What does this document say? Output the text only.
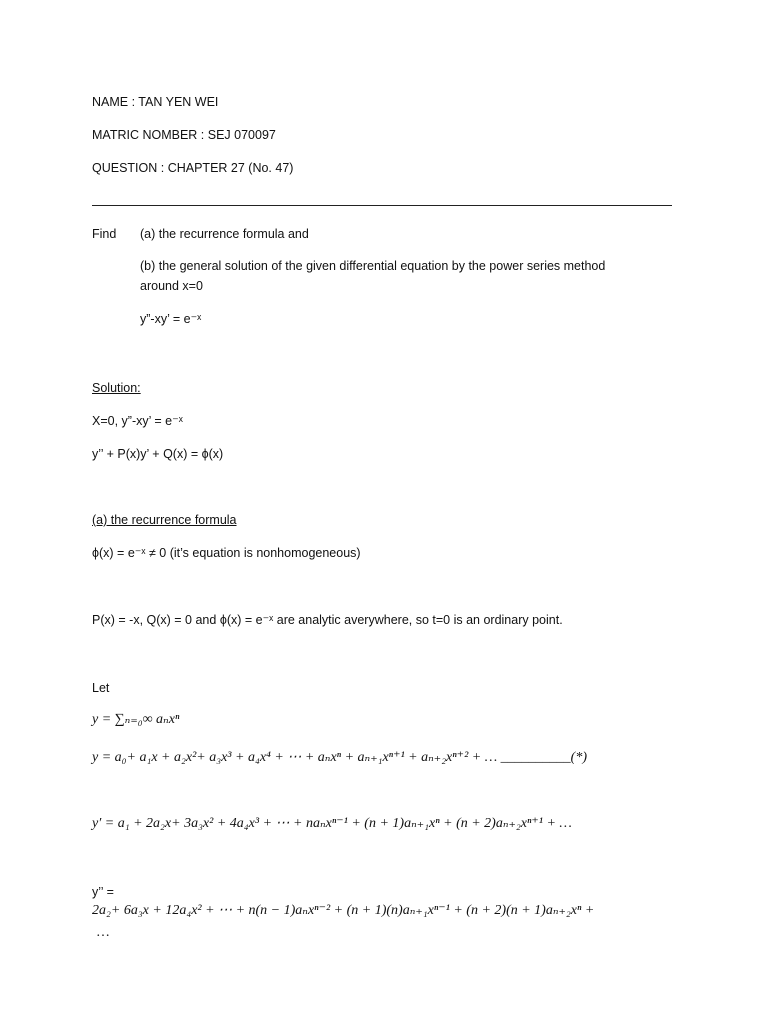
NAME : TAN YEN WEI
MATRIC NOMBER : SEJ 070097
QUESTION : CHAPTER 27 (No. 47)
Find (a) the recurrence formula and
(b) the general solution of the given differential equation by the power series method
around x=0
y”-xy’ = e⁻ˣ
Solution:
X=0, y”-xy’ = e⁻ˣ
y’’ + P(x)y’ + Q(x) = ϕ(x)
(a) the recurrence formula
ϕ(x) = e⁻ˣ ≠ 0 (it’s equation is nonhomogeneous)
P(x) = -x, Q(x) = 0 and ϕ(x) = e⁻ˣ are analytic averywhere, so t=0 is an ordinary point.
Let
y = ∑ₙ₌₀∞ aₙxⁿ
y = a₀+ a₁x + a₂x²+ a₃x³ + a₄x⁴ + ⋯ + aₙxⁿ + aₙ₊₁xⁿ⁺¹ + aₙ₊₂xⁿ⁺² + … __________(*)
y′ = a₁ + 2a₂x+ 3a₃x² + 4a₄x³ + ⋯ + naₙxⁿ⁻¹ + (n + 1)aₙ₊₁xⁿ + (n + 2)aₙ₊₂xⁿ⁺¹ + …
y’’ =
2a₂+ 6a₃x + 12a₄x² + ⋯ + n(n − 1)aₙxⁿ⁻² + (n + 1)(n)aₙ₊₁xⁿ⁻¹ + (n + 2)(n + 1)aₙ₊₂xⁿ +
…
